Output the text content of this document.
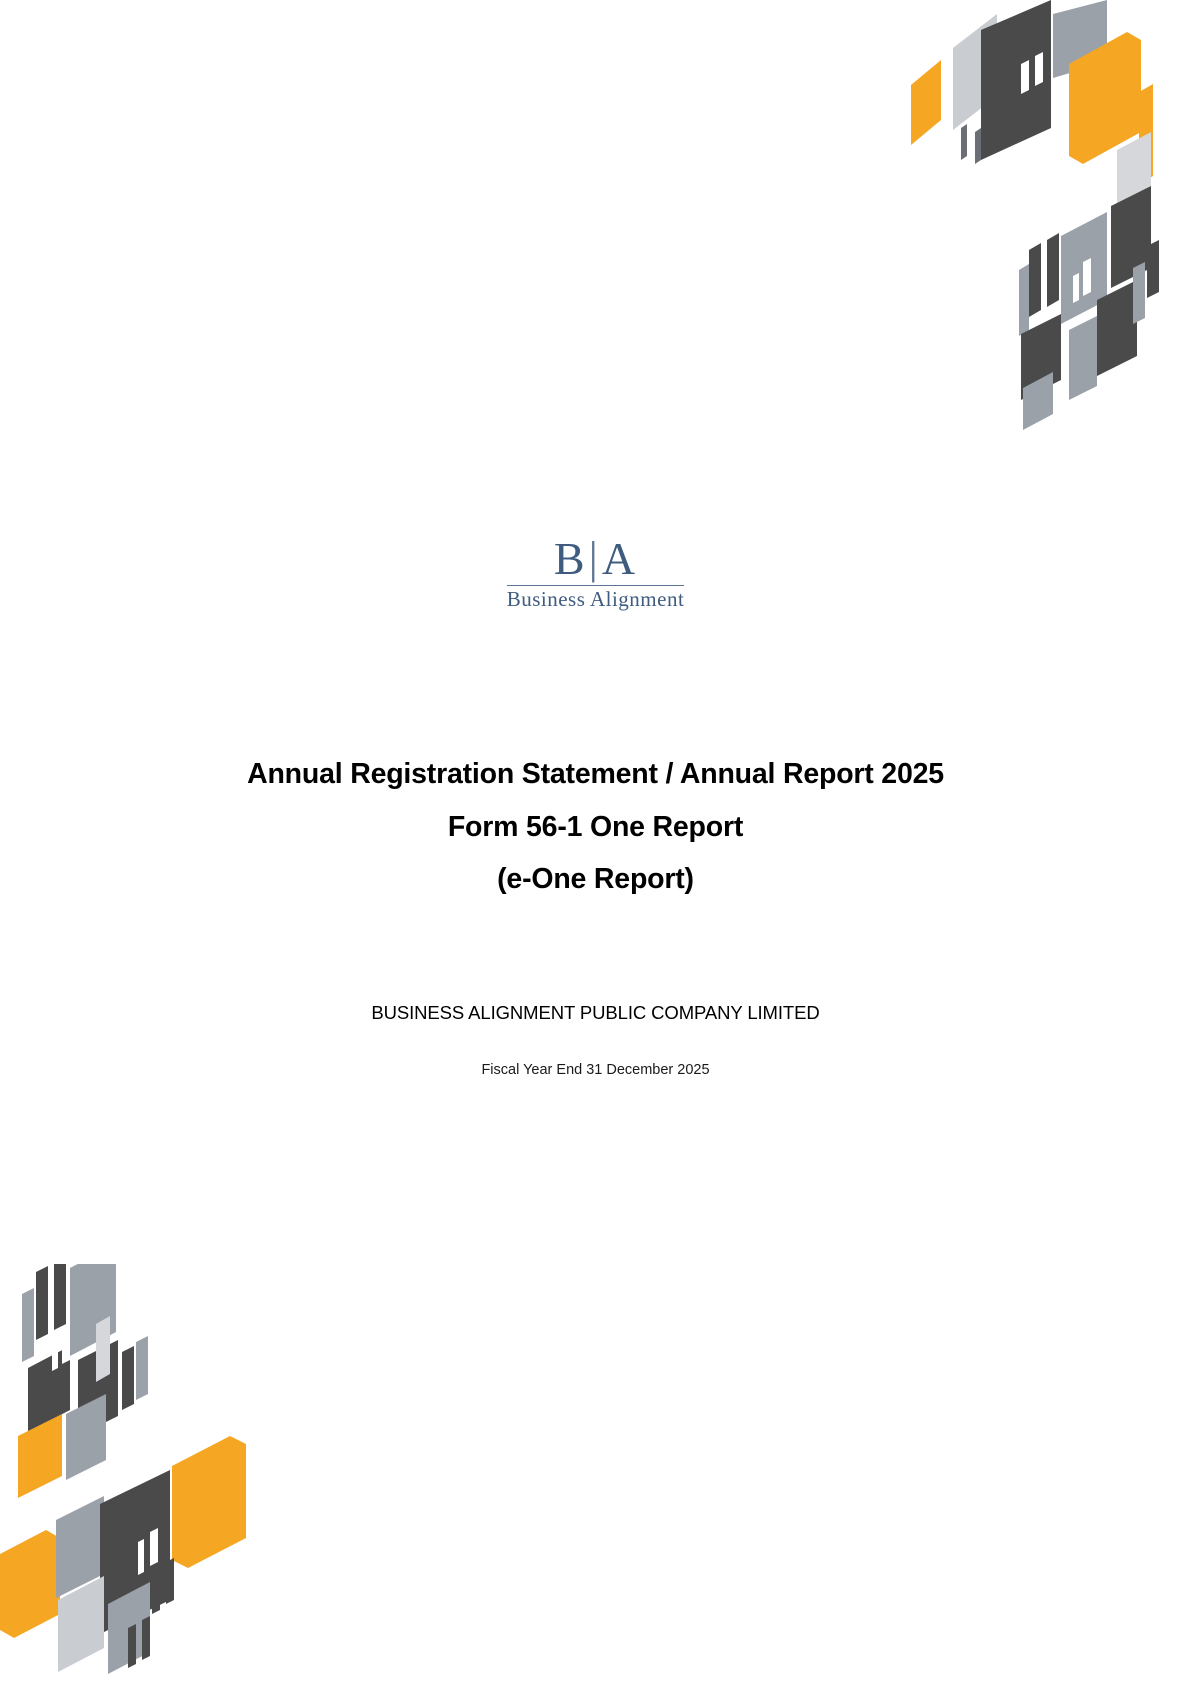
B|A
Business Alignment
Annual Registration Statement / Annual Report 2025
Form 56-1 One Report
(e-One Report)
BUSINESS ALIGNMENT PUBLIC COMPANY LIMITED
Fiscal Year End 31 December 2025
